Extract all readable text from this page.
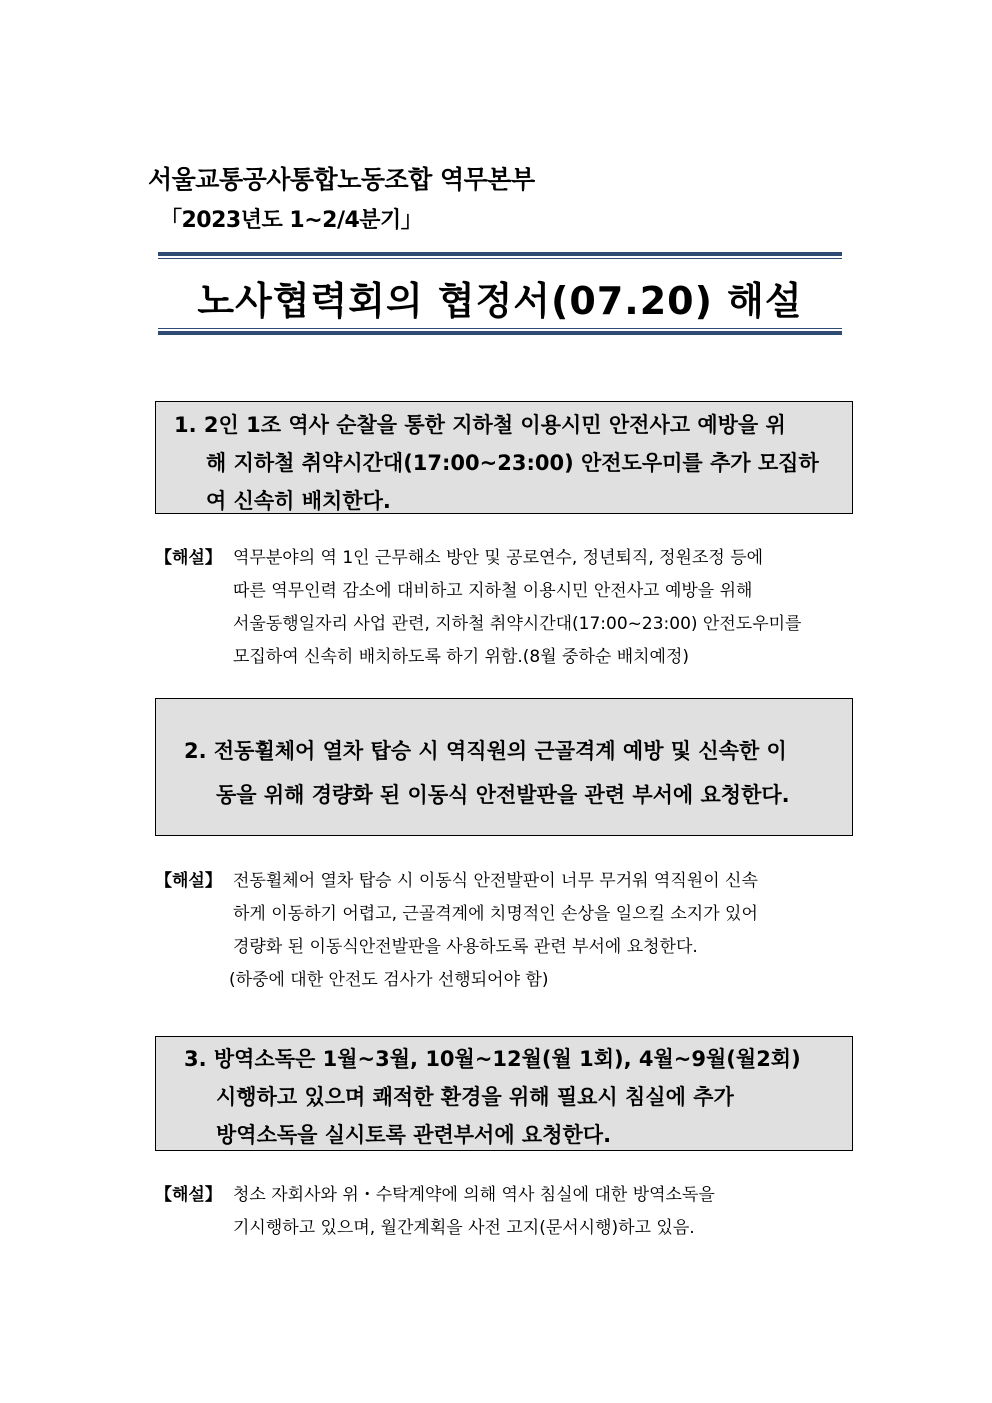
서울교통공사통합노동조합 역무본부
「2023년도 1~2/4분기」
노사협력회의 협정서(07.20) 해설
1. 2인 1조 역사 순찰을 통한 지하철 이용시민 안전사고 예방을 위
해 지하철 취약시간대(17:00~23:00) 안전도우미를 추가 모집하
여 신속히 배치한다.
【해설】 역무분야의 역 1인 근무해소 방안 및 공로연수, 정년퇴직, 정원조정 등에
따른 역무인력 감소에 대비하고 지하철 이용시민 안전사고 예방을 위해
서울동행일자리 사업 관련, 지하철 취약시간대(17:00~23:00) 안전도우미를
모집하여 신속히 배치하도록 하기 위함.(8월 중하순 배치예정)
2. 전동휠체어 열차 탑승 시 역직원의 근골격계 예방 및 신속한 이
동을 위해 경량화 된 이동식 안전발판을 관련 부서에 요청한다.
【해설】 전동휠체어 열차 탑승 시 이동식 안전발판이 너무 무거워 역직원이 신속
하게 이동하기 어렵고, 근골격계에 치명적인 손상을 일으킬 소지가 있어
경량화 된 이동식안전발판을 사용하도록 관련 부서에 요청한다.
(하중에 대한 안전도 검사가 선행되어야 함)
3. 방역소독은 1월~3월, 10월~12월(월 1회), 4월~9월(월2회)
시행하고 있으며 쾌적한 환경을 위해 필요시 침실에 추가
방역소독을 실시토록 관련부서에 요청한다.
【해설】 청소 자회사와 위・수탁계약에 의해 역사 침실에 대한 방역소독을
기시행하고 있으며, 월간계획을 사전 고지(문서시행)하고 있음.
